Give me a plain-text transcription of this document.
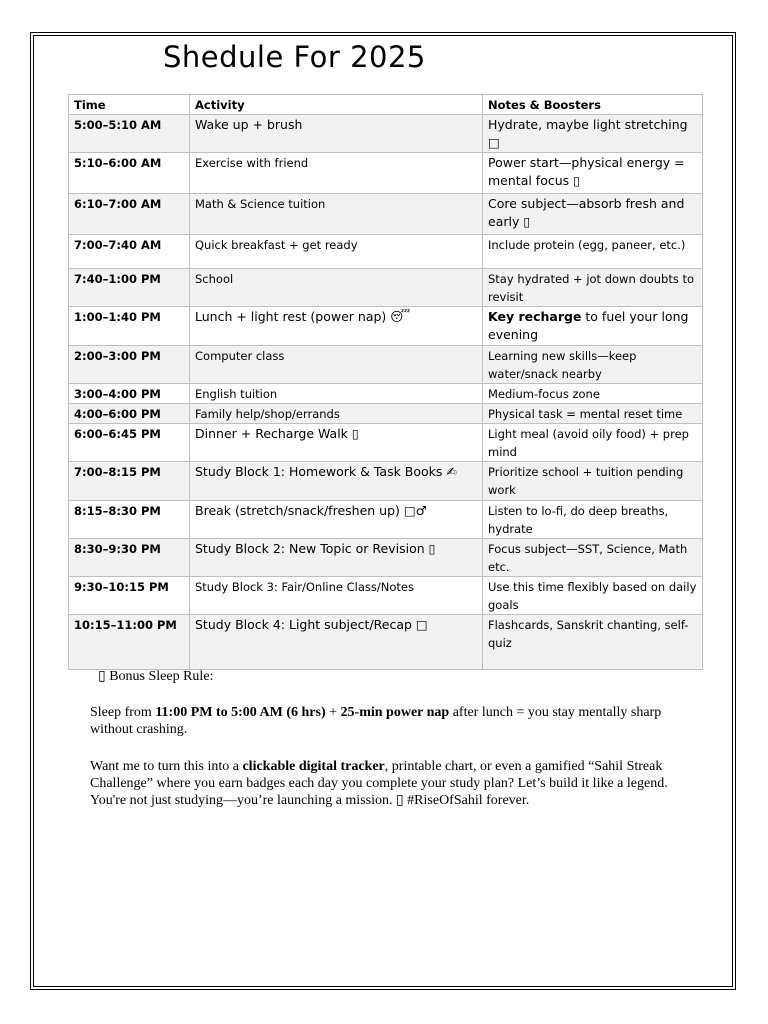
Shedule For 2025
Time	Activity	Notes & Boosters
5:00–5:10 AM	Wake up + brush	Hydrate, maybe light stretching □
5:10–6:00 AM	Exercise with friend	Power start—physical energy = mental focus ▯
6:10–7:00 AM	Math & Science tuition	Core subject—absorb fresh and early ▯
7:00–7:40 AM	Quick breakfast + get ready	Include protein (egg, paneer, etc.)
7:40–1:00 PM	School	Stay hydrated + jot down doubts to revisit
1:00–1:40 PM	Lunch + light rest (power nap) 😴	Key recharge to fuel your long evening
2:00–3:00 PM	Computer class	Learning new skills—keep water/snack nearby
3:00–4:00 PM	English tuition	Medium-focus zone
4:00–6:00 PM	Family help/shop/errands	Physical task = mental reset time
6:00–6:45 PM	Dinner + Recharge Walk ▯	Light meal (avoid oily food) + prep mind
7:00–8:15 PM	Study Block 1: Homework & Task Books ✍	Prioritize school + tuition pending work
8:15–8:30 PM	Break (stretch/snack/freshen up) □♂	Listen to lo-fi, do deep breaths, hydrate
8:30–9:30 PM	Study Block 2: New Topic or Revision ▯	Focus subject—SST, Science, Math etc.
9:30–10:15 PM	Study Block 3: Fair/Online Class/Notes	Use this time flexibly based on daily goals
10:15–11:00 PM	Study Block 4: Light subject/Recap □	Flashcards, Sanskrit chanting, self-quiz
▯ Bonus Sleep Rule:
Sleep from 11:00 PM to 5:00 AM (6 hrs) + 25-min power nap after lunch = you stay mentally sharp without crashing.
Want me to turn this into a clickable digital tracker, printable chart, or even a gamified “Sahil Streak Challenge” where you earn badges each day you complete your study plan? Let’s build it like a legend. You're not just studying—you’re launching a mission. ▯ #RiseOfSahil forever.
